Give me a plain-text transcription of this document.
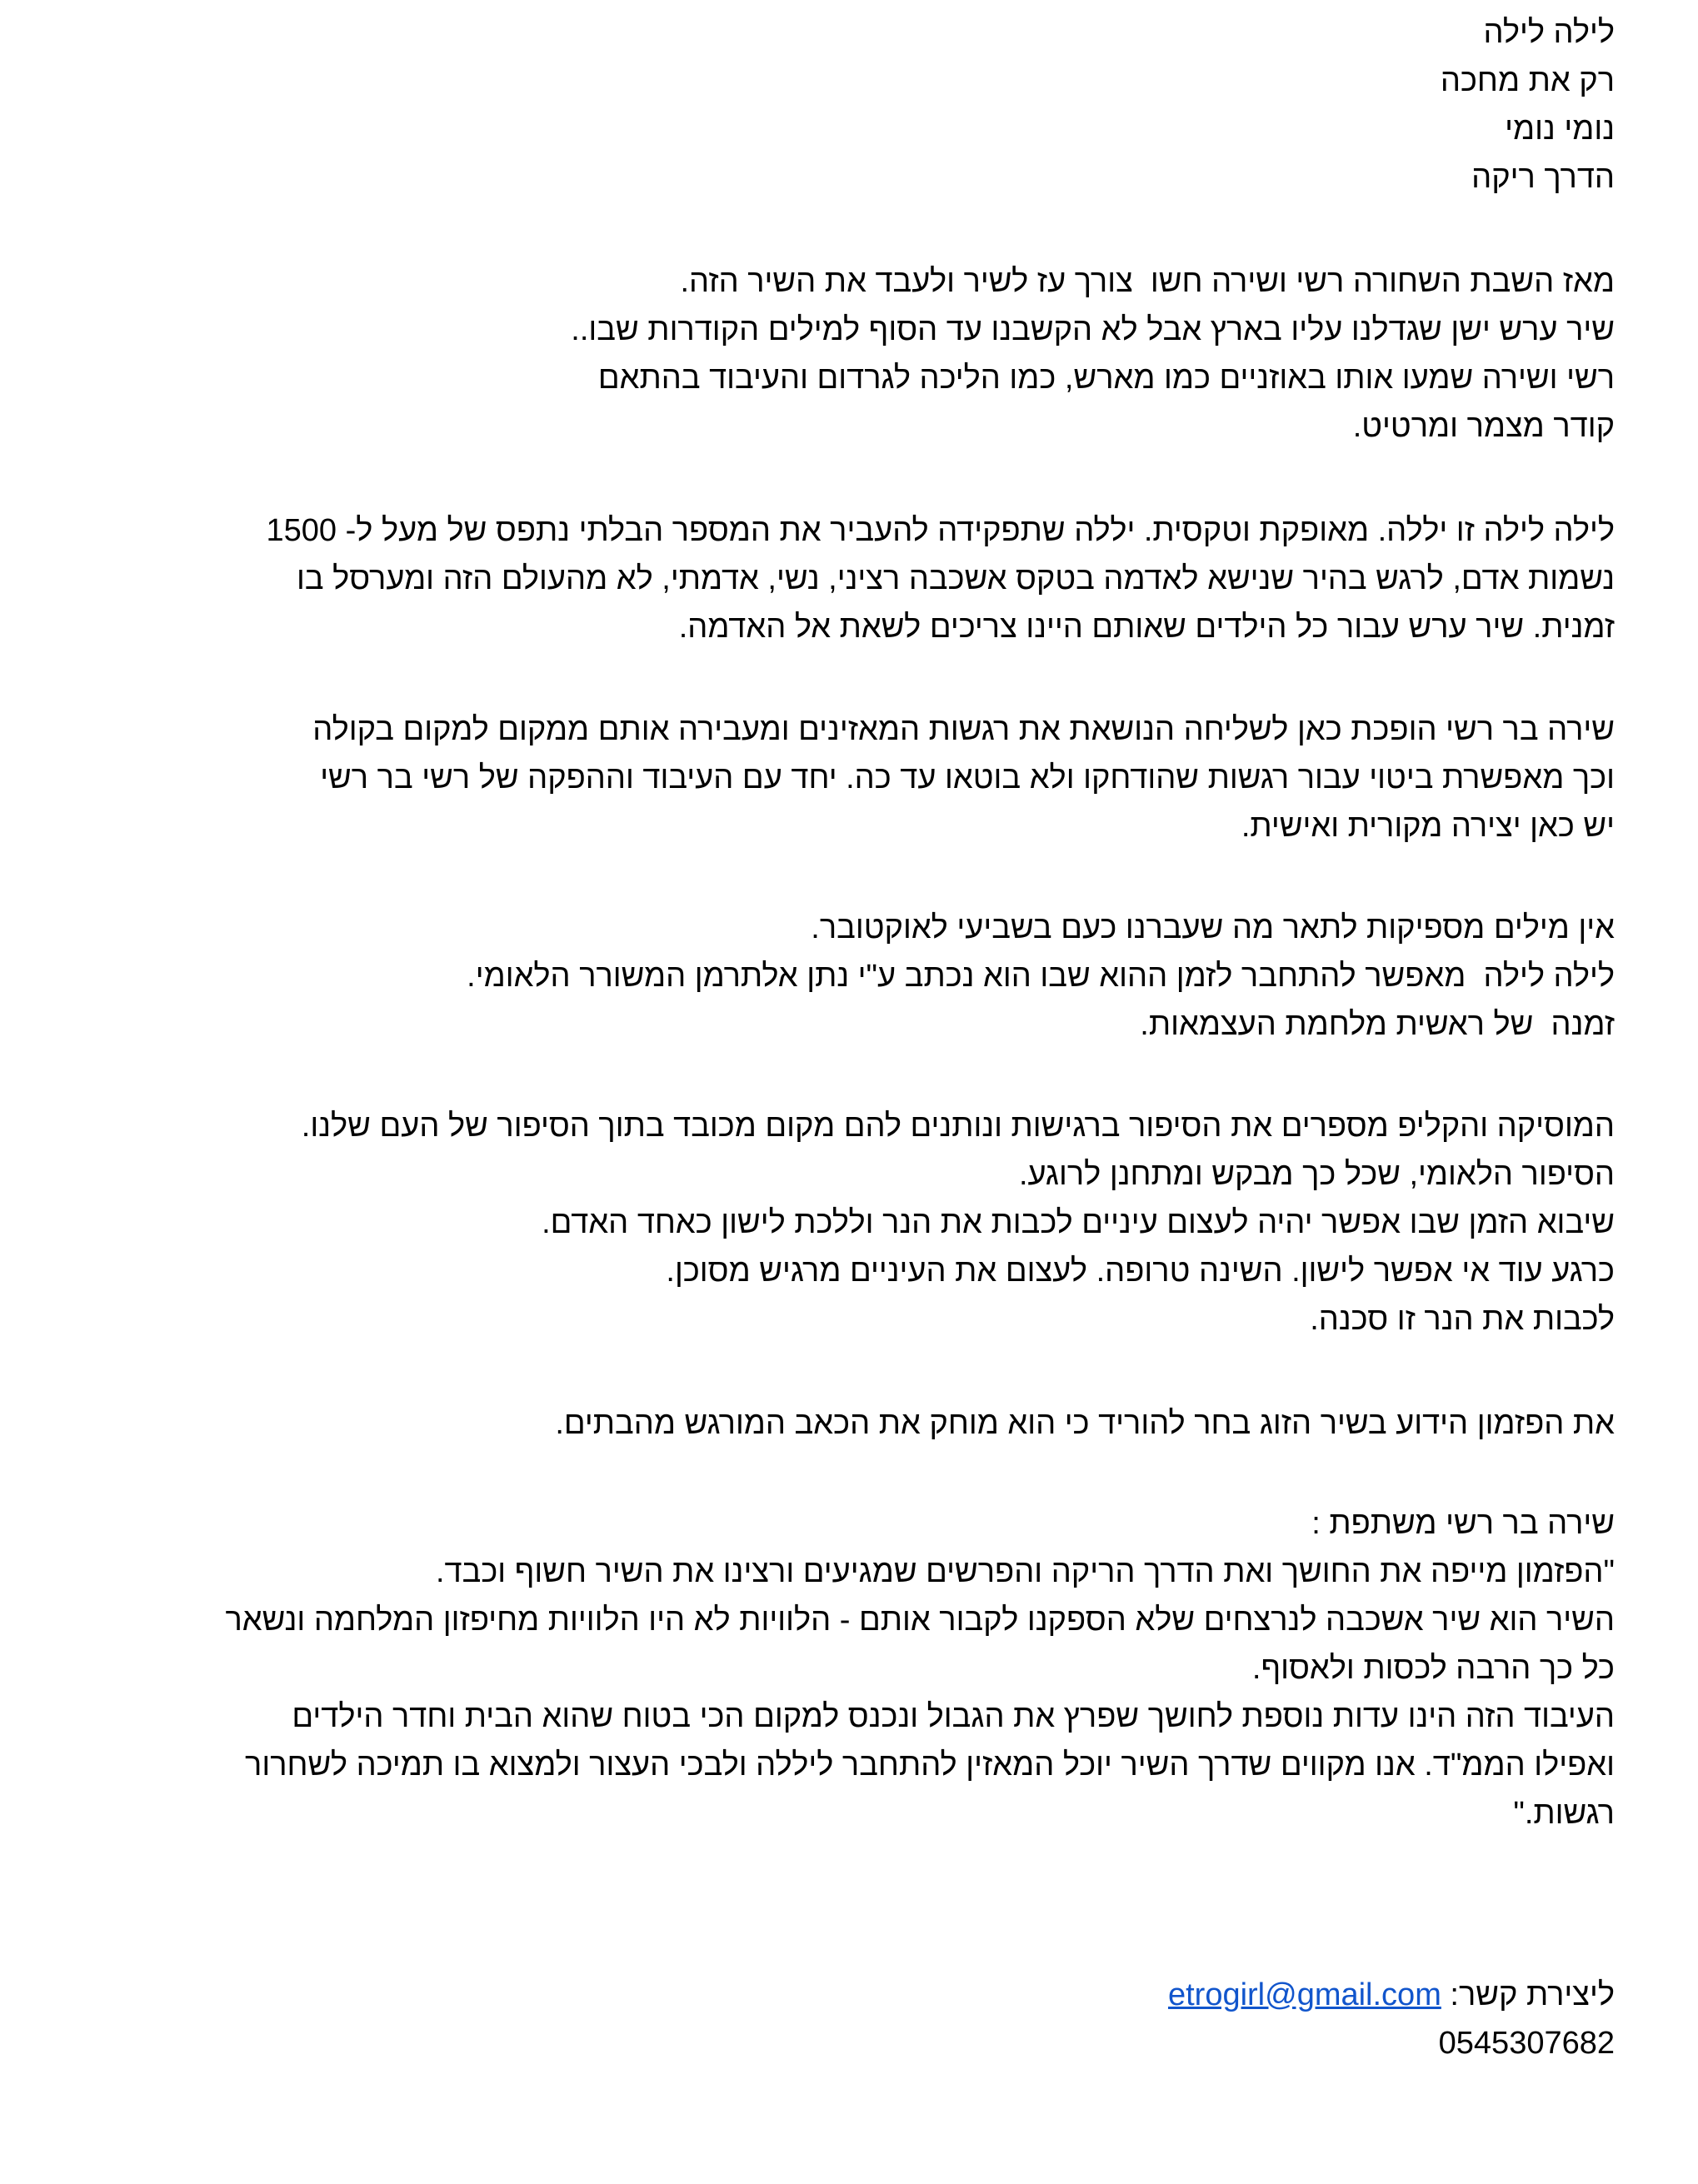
לילה לילה
רק את מחכה
נומי נומי
הדרך ריקה
מאז השבת השחורה רשי ושירה חשו  צורך עז לשיר ולעבד את השיר הזה.
שיר ערש ישן שגדלנו עליו בארץ אבל לא הקשבנו עד הסוף למילים הקודרות שבו..
רשי ושירה שמעו אותו באוזניים כמו מארש, כמו הליכה לגרדום והעיבוד בהתאם
קודר מצמר ומרטיט.
לילה לילה זו יללה. מאופקת וטקסית. יללה שתפקידה להעביר את המספר הבלתי נתפס של מעל ל- 1500
נשמות אדם, לרגש בהיר שנישא לאדמה בטקס אשכבה רציני, נשי, אדמתי, לא מהעולם הזה ומערסל בו
זמנית. שיר ערש עבור כל הילדים שאותם היינו צריכים לשאת אל האדמה.
שירה בר רשי הופכת כאן לשליחה הנושאת את רגשות המאזינים ומעבירה אותם ממקום למקום בקולה
וכך מאפשרת ביטוי עבור רגשות שהודחקו ולא בוטאו עד כה. יחד עם העיבוד וההפקה של רשי בר רשי
יש כאן יצירה מקורית ואישית.
אין מילים מספיקות לתאר מה שעברנו כעם בשביעי לאוקטובר.
לילה לילה  מאפשר להתחבר לזמן ההוא שבו הוא נכתב ע"י נתן אלתרמן המשורר הלאומי.
זמנה  של ראשית מלחמת העצמאות.
המוסיקה והקליפ מספרים את הסיפור ברגישות ונותנים להם מקום מכובד בתוך הסיפור של העם שלנו.
הסיפור הלאומי, שכל כך מבקש ומתחנן לרוגע.
שיבוא הזמן שבו אפשר יהיה לעצום עיניים לכבות את הנר וללכת לישון כאחד האדם.
כרגע עוד אי אפשר לישון. השינה טרופה. לעצום את העיניים מרגיש מסוכן.
לכבות את הנר זו סכנה.
את הפזמון הידוע בשיר הזוג בחר להוריד כי הוא מוחק את הכאב המורגש מהבתים.
שירה בר רשי משתפת :
"הפזמון מייפה את החושך ואת הדרך הריקה והפרשים שמגיעים ורצינו את השיר חשוף וכבד.
השיר הוא שיר אשכבה לנרצחים שלא הספקנו לקבור אותם - הלוויות לא היו הלוויות מחיפזון המלחמה ונשאר
כל כך הרבה לכסות ולאסוף.
העיבוד הזה הינו עדות נוספת לחושך שפרץ את הגבול ונכנס למקום הכי בטוח שהוא הבית וחדר הילדים
ואפילו הממ"ד. אנו מקווים שדרך השיר יוכל המאזין להתחבר ליללה ולבכי העצור ולמצוא בו תמיכה לשחרור
רגשות."
ליצירת קשר: etrogirl@gmail.com
0545307682
